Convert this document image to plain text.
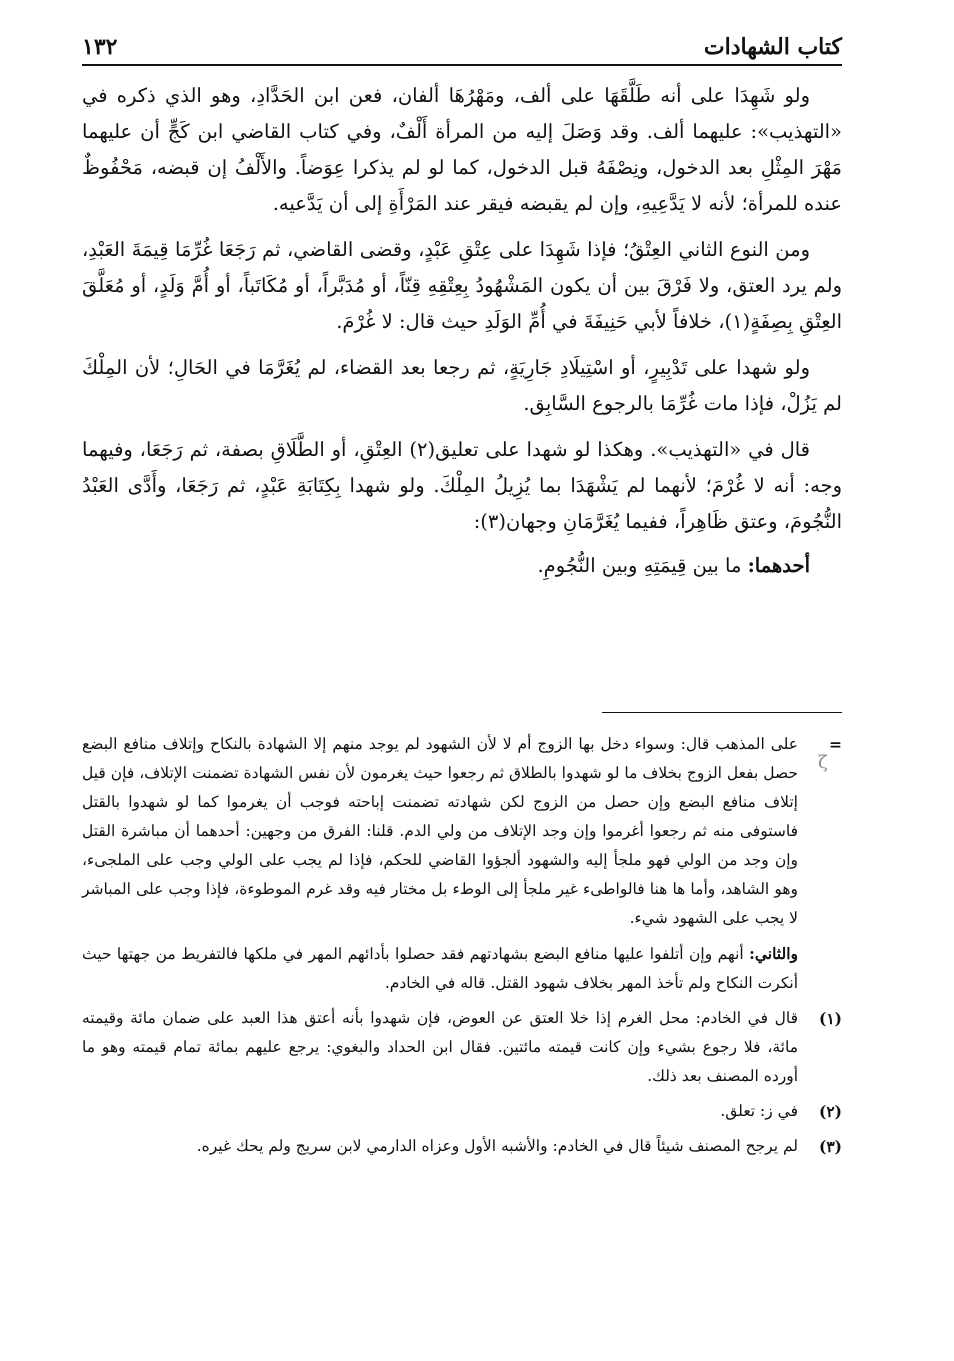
كتاب الشهادات
١٣٢

ولو شَهِدَا على أنه طَلَّقَهَا على ألف، ومَهْرُهَا ألفان، فعن ابن الحَدَّادِ، وهو الذي ذكره في «التهذيب»: عليهما ألف. وقد وَصَلَ إليه من المرأة أَلْفٌ، وفي كتاب القاضي ابن كَجٍّ أن عليهما مَهْرَ المِثْلِ بعد الدخول، ونِصْفَهُ قبل الدخول، كما لو لم يذكرا عِوَضاً. والأَلْفُ إن قبضه، مَحْفُوظٌ عنده للمرأة؛ لأنه لا يَدَّعِيهِ، وإن لم يقبضه فيقر عند المَرْأَةِ إلى أن يَدَّعيه.

ومن النوع الثاني العِتْقُ؛ فإذا شَهِدَا على عِتْقِ عَبْدٍ، وقضى القاضي، ثم رَجَعَا غُرِّمَا قِيمَةَ العَبْدِ، ولم يرد العتق، ولا فَرْقَ بين أن يكون المَشْهُودُ بِعِتْقِهِ قِنّاً، أو مُدَبَّراً، أو مُكَاتَباً، أو أُمَّ وَلَدٍ، أو مُعَلَّقَ العِتْقِ بِصِفَةٍ(١)، خلافاً لأبي حَنِيفَةَ في أُمِّ الوَلَدِ حيث قال: لا غُرْمَ.

ولو شهدا على تَدْبِيرٍ، أو اسْتِيلَادِ جَارِيَةٍ، ثم رجعا بعد القضاء، لم يُغَرَّمَا في الحَالِ؛ لأن المِلْكَ لم يَزُلْ، فإذا مات غُرِّمَا بالرجوع السَّابِق.

قال في «التهذيب». وهكذا لو شهدا على تعليق(٢) العِتْقِ، أو الطَّلَاقِ بصفة، ثم رَجَعَا، وفيهما وجه: أنه لا غُرْمَ؛ لأنهما لم يَشْهَدَا بما يُزِيلُ المِلْكَ. ولو شهدا بِكِتَابَةِ عَبْدٍ، ثم رَجَعَا، وأَدَّى العَبْدُ النُّجُومَ، وعتق ظَاهِراً، ففيما يُغَرَّمَانِ وجهان(٣):

أحدهما: ما بين قِيمَتِهِ وبين النُّجُومِ.

ζ
=
على المذهب قال: وسواء دخل بها الزوج أم لا لأن الشهود لم يوجد منهم إلا الشهادة بالنكاح وإتلاف منافع البضع حصل بفعل الزوج بخلاف ما لو شهدوا بالطلاق ثم رجعوا حيث يغرمون لأن نفس الشهادة تضمنت الإتلاف، فإن قيل إتلاف منافع البضع وإن حصل من الزوج لكن شهادته تضمنت إباحته فوجب أن يغرموا كما لو شهدوا بالقتل فاستوفى منه ثم رجعوا أغرموا وإن وجد الإتلاف من ولي الدم. قلنا: الفرق من وجهين: أحدهما أن مباشرة القتل وإن وجد من الولي فهو ملجأ إليه والشهود ألجؤوا القاضي للحكم، فإذا لم يجب على الولي وجب على الملجىء، وهو الشاهد، وأما ها هنا فالواطىء غير ملجأ إلى الوطء بل مختار فيه وقد غرم الموطوءة، فإذا وجب على المباشر لا يجب على الشهود شيء.
والثاني: أنهم وإن أتلفوا عليها منافع البضع بشهادتهم فقد حصلوا بأدائهم المهر في ملكها فالتفريط من جهتها حيث أنكرت النكاح ولم تأخذ المهر بخلاف شهود القتل. قاله في الخادم.
(١)
قال في الخادم: محل الغرم إذا خلا العتق عن العوض، فإن شهدوا بأنه أعتق هذا العبد على ضمان مائة وقيمته مائة، فلا رجوع بشيء وإن كانت قيمته مائتين. فقال ابن الحداد والبغوي: يرجع عليهم بمائة تمام قيمته وهو ما أورده المصنف بعد ذلك.
(٢)
في ز: تعلق.
(٣)
لم يرجح المصنف شيئاً قال في الخادم: والأشبه الأول وعزاه الدارمي لابن سريج ولم يحك غيره.
